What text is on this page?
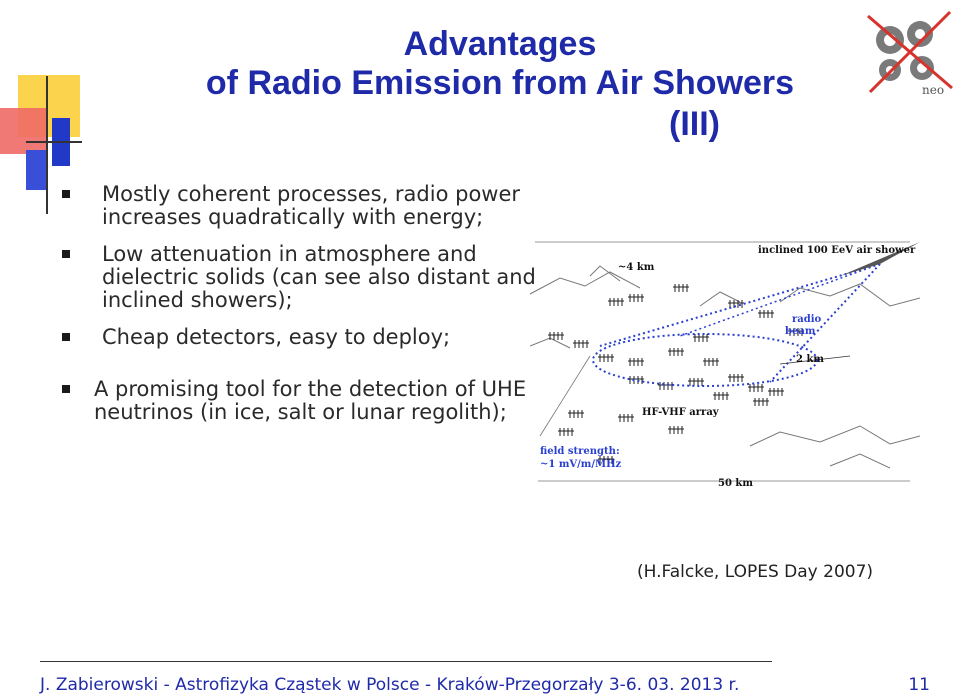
Advantages
of Radio Emission from Air Showers
(III)
neo
Mostly coherent processes, radio power increases quadratically with energy;
Low attenuation in atmosphere and dielectric solids (can see also distant and inclined showers);
Cheap detectors, easy to deploy;
A promising tool for the detection of UHE neutrinos (in ice, salt or lunar regolith);
inclined 100 EeV air shower
~4 km
radio
beam
2 km
HF-VHF array
field strength:
~1 mV/m/MHz
50 km
(H.Falcke, LOPES Day 2007)
J. Zabierowski - Astrofizyka Cząstek w Polsce - Kraków-Przegorzały 3-6. 03. 2013 r.	11
